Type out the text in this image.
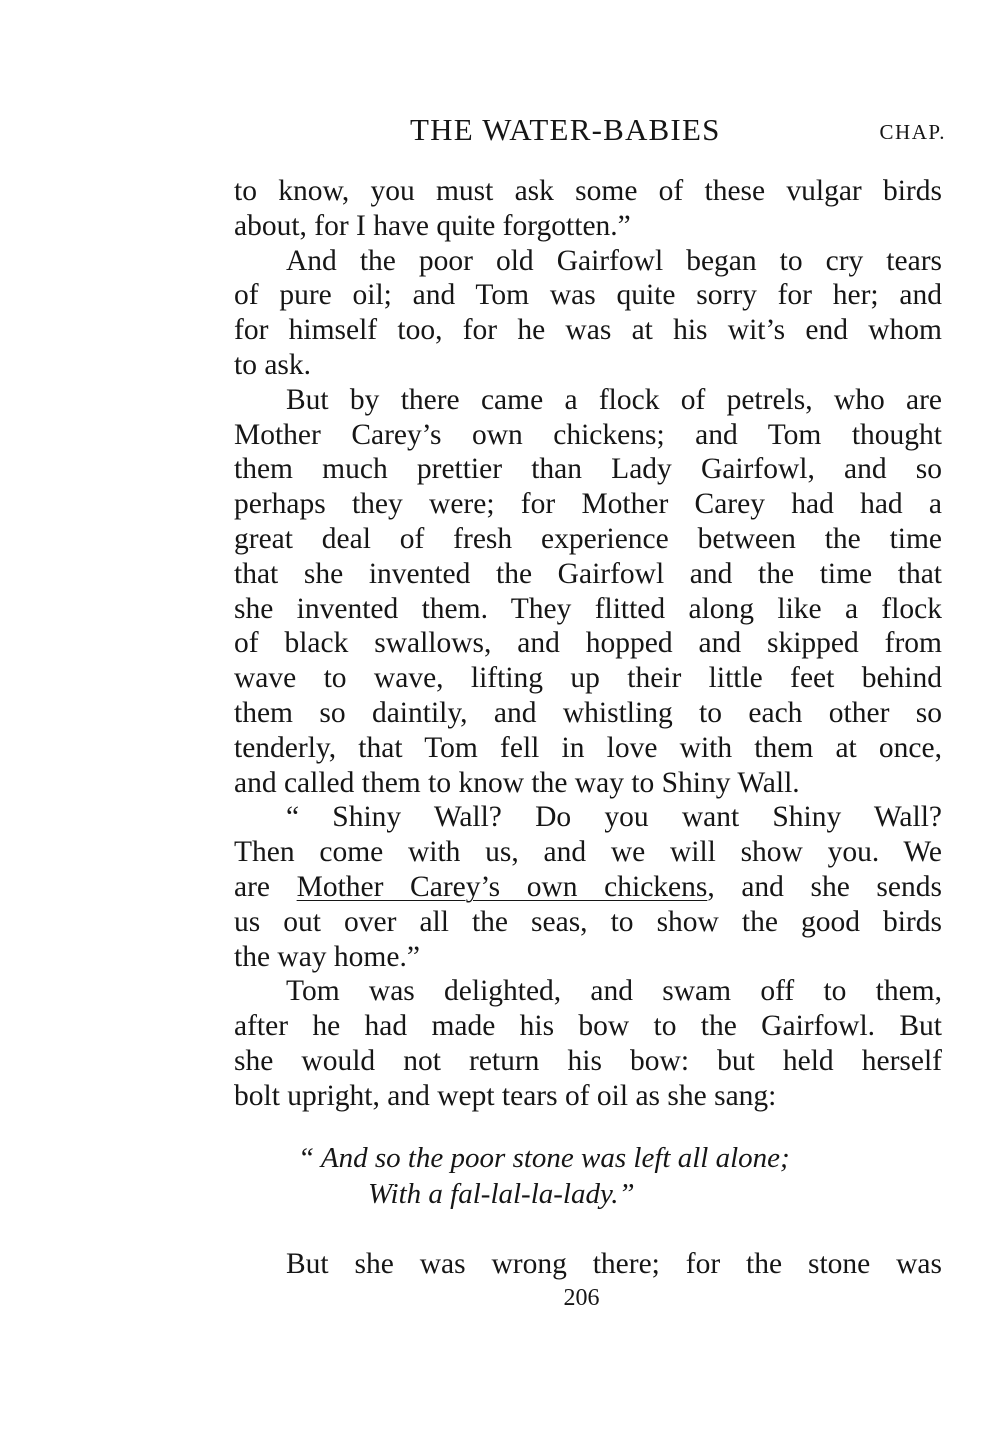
THE WATER-BABIES	CHAP.
to know, you must ask some of these vulgar birds
about, for I have quite forgotten.”
And the poor old Gairfowl began to cry tears
of pure oil; and Tom was quite sorry for her; and
for himself too, for he was at his wit’s end whom
to ask.
But by there came a flock of petrels, who are
Mother Carey’s own chickens; and Tom thought
them much prettier than Lady Gairfowl, and so
perhaps they were; for Mother Carey had had a
great deal of fresh experience between the time
that she invented the Gairfowl and the time that
she invented them. They flitted along like a flock
of black swallows, and hopped and skipped from
wave to wave, lifting up their little feet behind
them so daintily, and whistling to each other so
tenderly, that Tom fell in love with them at once,
and called them to know the way to Shiny Wall.
“ Shiny Wall? Do you want Shiny Wall?
Then come with us, and we will show you. We
are Mother Carey’s own chickens, and she sends
us out over all the seas, to show the good birds
the way home.”
Tom was delighted, and swam off to them,
after he had made his bow to the Gairfowl. But
she would not return his bow: but held herself
bolt upright, and wept tears of oil as she sang:
“ And so the poor stone was left all alone;
With a fal-lal-la-lady.”
But she was wrong there; for the stone was
206
